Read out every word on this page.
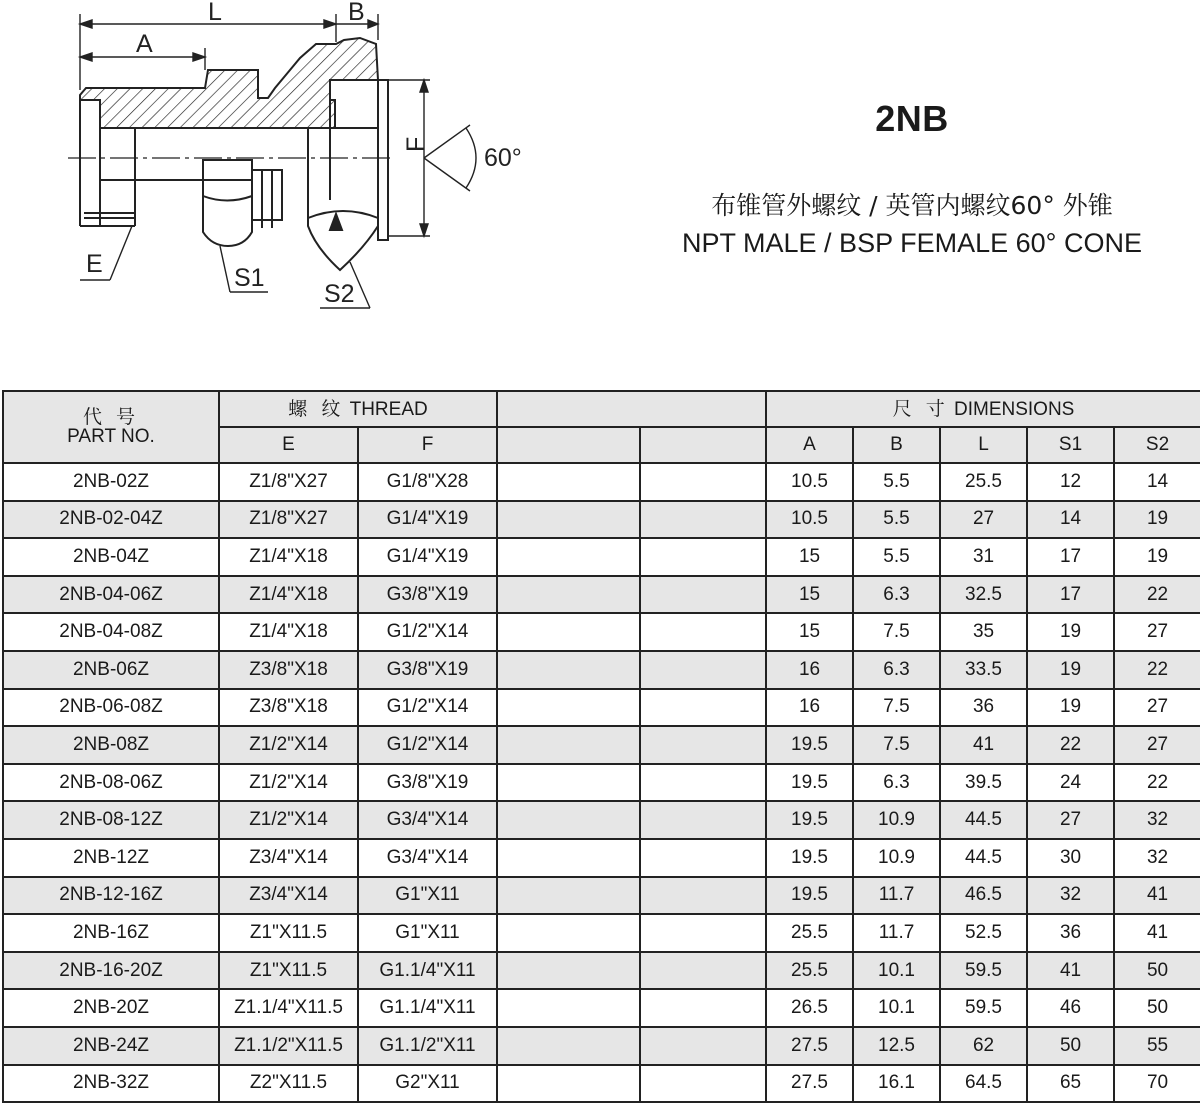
L	B
A
F 60°
E	S1
S2
2NB
布锥管外螺纹 / 英管内螺纹60° 外锥
NPT MALE / BSP FEMALE 60° CONE
代 号
PART NO.	螺 纹 THREAD				尺 寸 DIMENSIONS				
	E	F			A	B	L	S1	S2
2NB-02Z	Z1/8"X27	G1/8"X28			10.5	5.5	25.5	12	14
2NB-02-04Z	Z1/8"X27	G1/4"X19			10.5	5.5	27	14	19
2NB-04Z	Z1/4"X18	G1/4"X19			15	5.5	31	17	19
2NB-04-06Z	Z1/4"X18	G3/8"X19			15	6.3	32.5	17	22
2NB-04-08Z	Z1/4"X18	G1/2"X14			15	7.5	35	19	27
2NB-06Z	Z3/8"X18	G3/8"X19			16	6.3	33.5	19	22
2NB-06-08Z	Z3/8"X18	G1/2"X14			16	7.5	36	19	27
2NB-08Z	Z1/2"X14	G1/2"X14			19.5	7.5	41	22	27
2NB-08-06Z	Z1/2"X14	G3/8"X19			19.5	6.3	39.5	24	22
2NB-08-12Z	Z1/2"X14	G3/4"X14			19.5	10.9	44.5	27	32
2NB-12Z	Z3/4"X14	G3/4"X14			19.5	10.9	44.5	30	32
2NB-12-16Z	Z3/4"X14	G1"X11			19.5	11.7	46.5	32	41
2NB-16Z	Z1"X11.5	G1"X11			25.5	11.7	52.5	36	41
2NB-16-20Z	Z1"X11.5	G1.1/4"X11			25.5	10.1	59.5	41	50
2NB-20Z	Z1.1/4"X11.5	G1.1/4"X11			26.5	10.1	59.5	46	50
2NB-24Z	Z1.1/2"X11.5	G1.1/2"X11			27.5	12.5	62	50	55
2NB-32Z	Z2"X11.5	G2"X11			27.5	16.1	64.5	65	70
